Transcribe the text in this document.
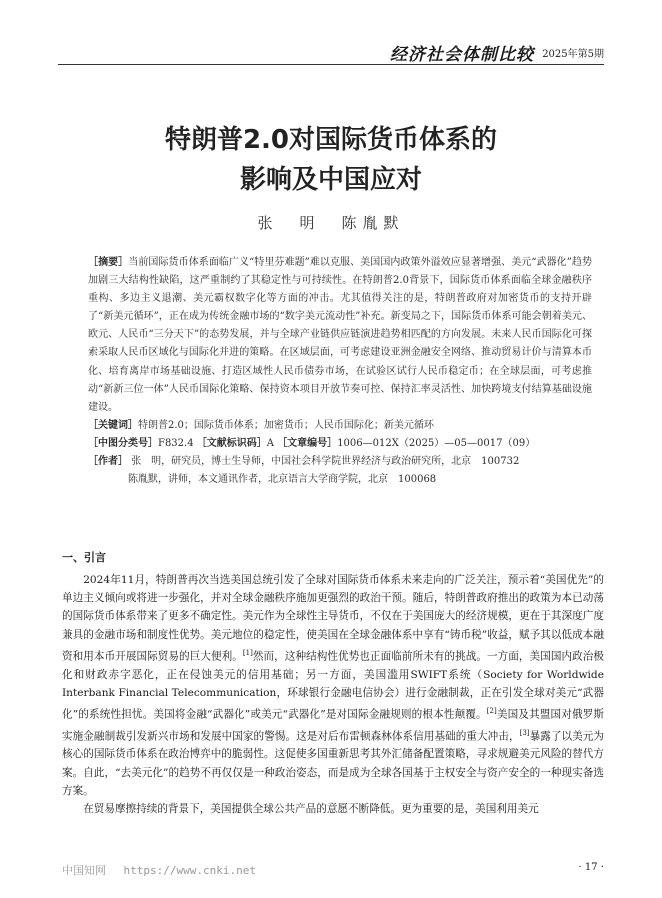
经济社会体制比较 2025年第5期
特朗普2.0对国际货币体系的
影响及中国应对
张　明　陈胤默

［摘要］当前国际货币体系面临广义“特里芬难题”难以克服、美国国内政策外溢效应显著增强、美元“武器化”趋势加剧三大结构性缺陷，这严重制约了其稳定性与可持续性。在特朗普2.0背景下，国际货币体系面临全球金融秩序重构、多边主义退潮、美元霸权数字化等方面的冲击。尤其值得关注的是，特朗普政府对加密货币的支持开辟了“新美元循环”，正在成为传统金融市场的“数字美元流动性”补充。新变局之下，国际货币体系可能会朝着美元、欧元、人民币“三分天下”的态势发展，并与全球产业链供应链演进趋势相匹配的方向发展。未来人民币国际化可探索采取人民币区域化与国际化并进的策略。在区域层面，可考虑建设亚洲金融安全网络、推动贸易计价与清算本币化、培育离岸市场基础设施、打造区域性人民币债券市场，在试验区试行人民币稳定币；在全球层面，可考虑推动“新新三位一体”人民币国际化策略、保持资本项目开放节奏可控、保持汇率灵活性、加快跨境支付结算基础设施建设。

［关键词］特朗普2.0；国际货币体系；加密货币；人民币国际化；新美元循环

［中图分类号］F832.4 ［文献标识码］A ［文章编号］1006—012X（2025）—05—0017（09）

［作者］ 张　明，研究员，博士生导师，中国社会科学院世界经济与政治研究所，北京　100732

陈胤默，讲师，本文通讯作者，北京语言大学商学院，北京　100068

一、引言

2024年11月，特朗普再次当选美国总统引发了全球对国际货币体系未来走向的广泛关注，预示着“美国优先”的单边主义倾向或将进一步强化，并对全球金融秩序施加更强烈的政治干预。随后，特朗普政府推出的政策为本已动荡的国际货币体系带来了更多不确定性。美元作为全球性主导货币，不仅在于美国庞大的经济规模，更在于其深度广度兼具的金融市场和制度性优势。美元地位的稳定性，使美国在全球金融体系中享有“铸币税”收益，赋予其以低成本融资和用本币开展国际贸易的巨大便利。[1]然而，这种结构性优势也正面临前所未有的挑战。一方面，美国国内政治极化和财政赤字恶化，正在侵蚀美元的信用基础；另一方面，美国滥用SWIFT系统（Society for Worldwide Interbank Financial Telecommunication，环球银行金融电信协会）进行金融制裁，正在引发全球对美元“武器化”的系统性担忧。美国将金融“武器化”或美元“武器化”是对国际金融规则的根本性颠覆。[2]美国及其盟国对俄罗斯实施金融制裁引发新兴市场和发展中国家的警惕。这是对后布雷顿森林体系信用基础的重大冲击，[3]暴露了以美元为核心的国际货币体系在政治博弈中的脆弱性。这促使多国重新思考其外汇储备配置策略，寻求规避美元风险的替代方案。自此，“去美元化”的趋势不再仅仅是一种政治姿态，而是成为全球各国基于主权安全与资产安全的一种现实备选方案。

在贸易摩擦持续的背景下，美国提供全球公共产品的意愿不断降低。更为重要的是，美国利用美元

· 17 ·
中国知网 https://www.cnki.net
